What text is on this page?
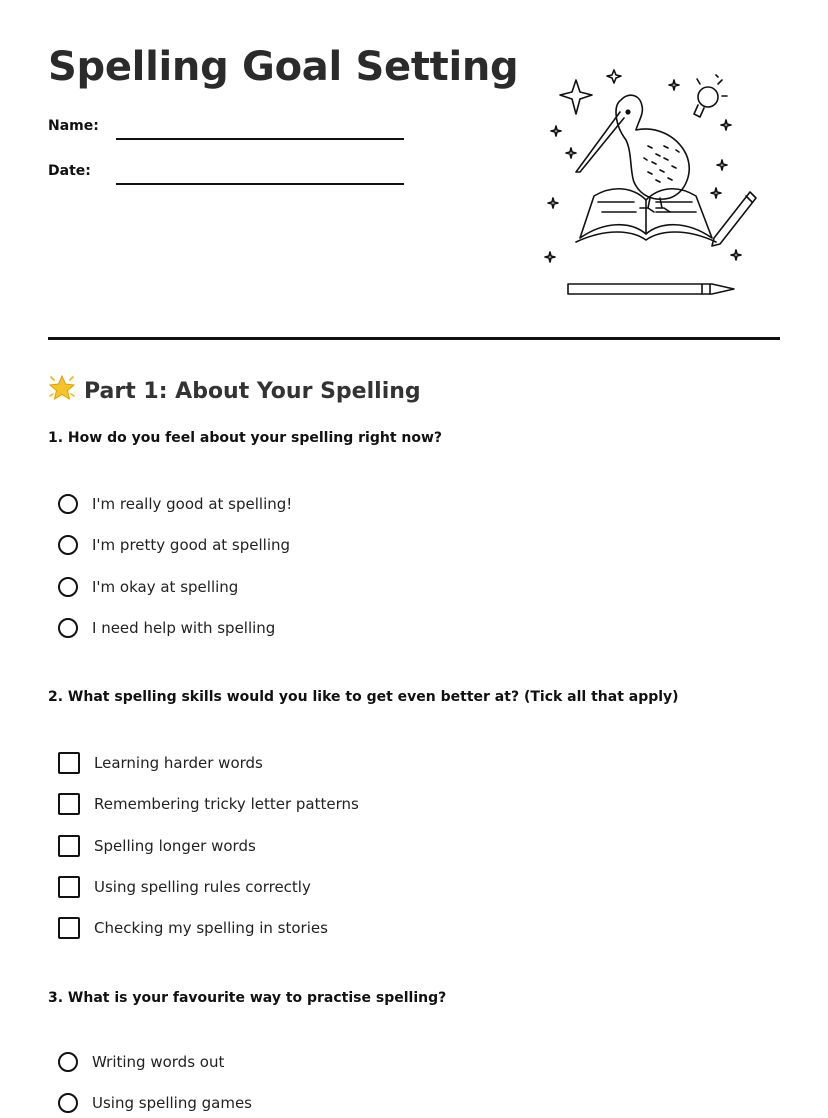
Spelling Goal Setting
Name:
Date:
Part 1: About Your Spelling
1. How do you feel about your spelling right now?
I'm really good at spelling!
I'm pretty good at spelling
I'm okay at spelling
I need help with spelling
2. What spelling skills would you like to get even better at? (Tick all that apply)
Learning harder words
Remembering tricky letter patterns
Spelling longer words
Using spelling rules correctly
Checking my spelling in stories
3. What is your favourite way to practise spelling?
Writing words out
Using spelling games
